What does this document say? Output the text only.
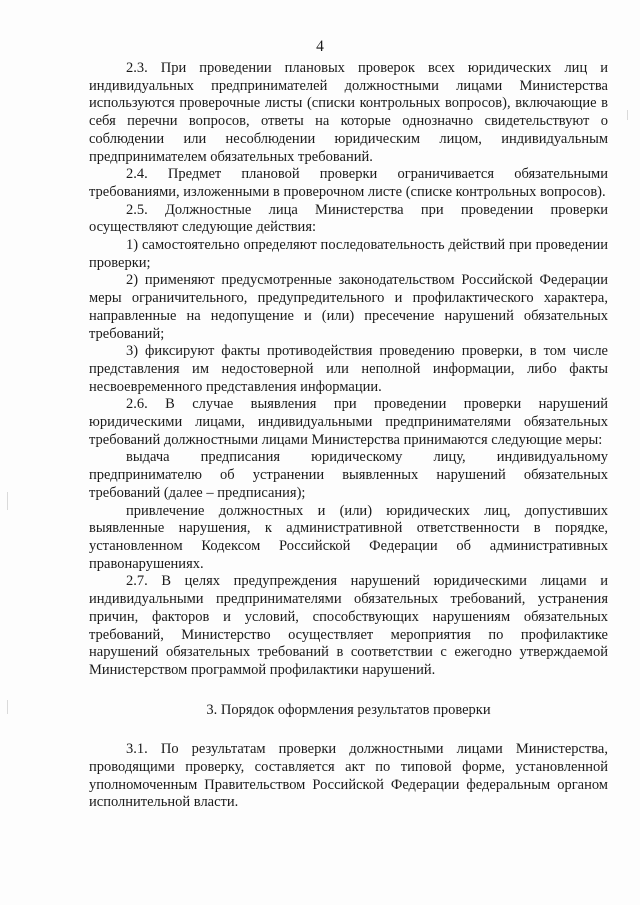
4

2.3. При проведении плановых проверок всех юридических лиц и индивидуальных предпринимателей должностными лицами Министерства используются проверочные листы (списки контрольных вопросов), включающие в себя перечни вопросов, ответы на которые однозначно свидетельствуют о соблюдении или несоблюдении юридическим лицом, индивидуальным предпринимателем обязательных требований.

2.4. Предмет плановой проверки ограничивается обязательными требованиями, изложенными в проверочном листе (списке контрольных вопросов).

2.5. Должностные лица Министерства при проведении проверки осуществляют следующие действия:

1) самостоятельно определяют последовательность действий при проведении проверки;

2) применяют предусмотренные законодательством Российской Федерации меры ограничительного, предупредительного и профилактического характера, направленные на недопущение и (или) пресечение нарушений обязательных требований;

3) фиксируют факты противодействия проведению проверки, в том числе представления им недостоверной или неполной информации, либо факты несвоевременного представления информации.

2.6. В случае выявления при проведении проверки нарушений юридическими лицами, индивидуальными предпринимателями обязательных требований должностными лицами Министерства принимаются следующие меры:

выдача предписания юридическому лицу, индивидуальному предпринимателю об устранении выявленных нарушений обязательных требований (далее – предписания);

привлечение должностных и (или) юридических лиц, допустивших выявленные нарушения, к административной ответственности в порядке, установленном Кодексом Российской Федерации об административных правонарушениях.

2.7. В целях предупреждения нарушений юридическими лицами и индивидуальными предпринимателями обязательных требований, устранения причин, факторов и условий, способствующих нарушениям обязательных требований, Министерство осуществляет мероприятия по профилактике нарушений обязательных требований в соответствии с ежегодно утверждаемой Министерством программой профилактики нарушений.

3. Порядок оформления результатов проверки

3.1. По результатам проверки должностными лицами Министерства, проводящими проверку, составляется акт по типовой форме, установленной уполномоченным Правительством Российской Федерации федеральным органом исполнительной власти.
